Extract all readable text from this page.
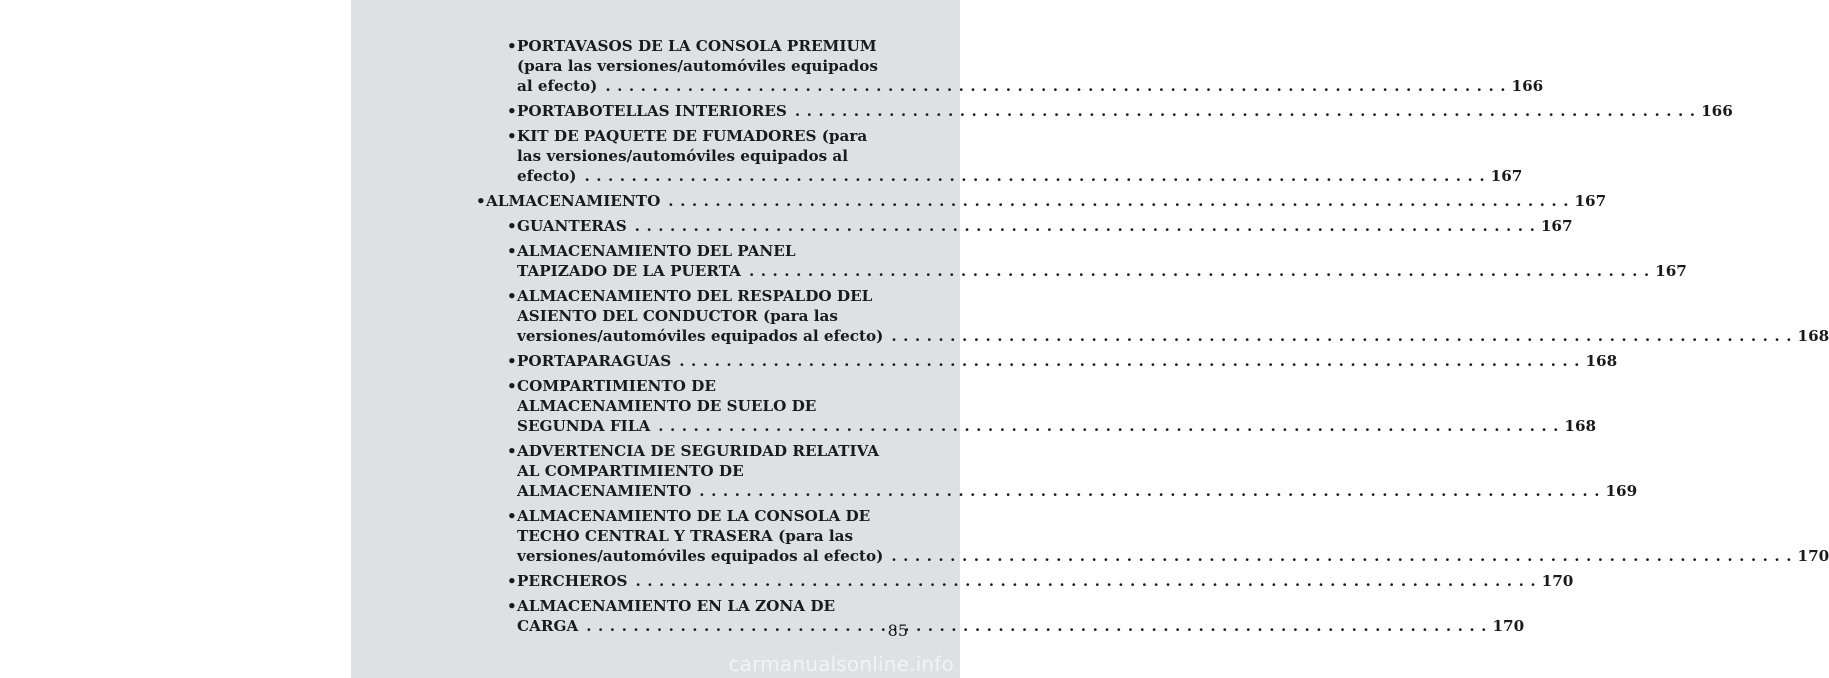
•PORTAVASOS DE LA CONSOLA PREMIUM
(para las versiones/automóviles equipados
al efecto) . . .	166
•PORTABOTELLAS INTERIORES . . .	166
•KIT DE PAQUETE DE FUMADORES (para
las versiones/automóviles equipados al
efecto) . . .	167
•ALMACENAMIENTO . . .	167
•GUANTERAS . . .	167
•ALMACENAMIENTO DEL PANEL
TAPIZADO DE LA PUERTA . . .	167
•ALMACENAMIENTO DEL RESPALDO DEL
ASIENTO DEL CONDUCTOR (para las
versiones/automóviles equipados al efecto) . . .	168
•PORTAPARAGUAS . . .	168
•COMPARTIMIENTO DE
ALMACENAMIENTO DE SUELO DE
SEGUNDA FILA . . .	168
•ADVERTENCIA DE SEGURIDAD RELATIVA
AL COMPARTIMIENTO DE
ALMACENAMIENTO . . .	169
•ALMACENAMIENTO DE LA CONSOLA DE
TECHO CENTRAL Y TRASERA (para las
versiones/automóviles equipados al efecto) . . .	170
•PERCHEROS . . .	170
•ALMACENAMIENTO EN LA ZONA DE
CARGA . . .	170
85
carmanualsonline.info
